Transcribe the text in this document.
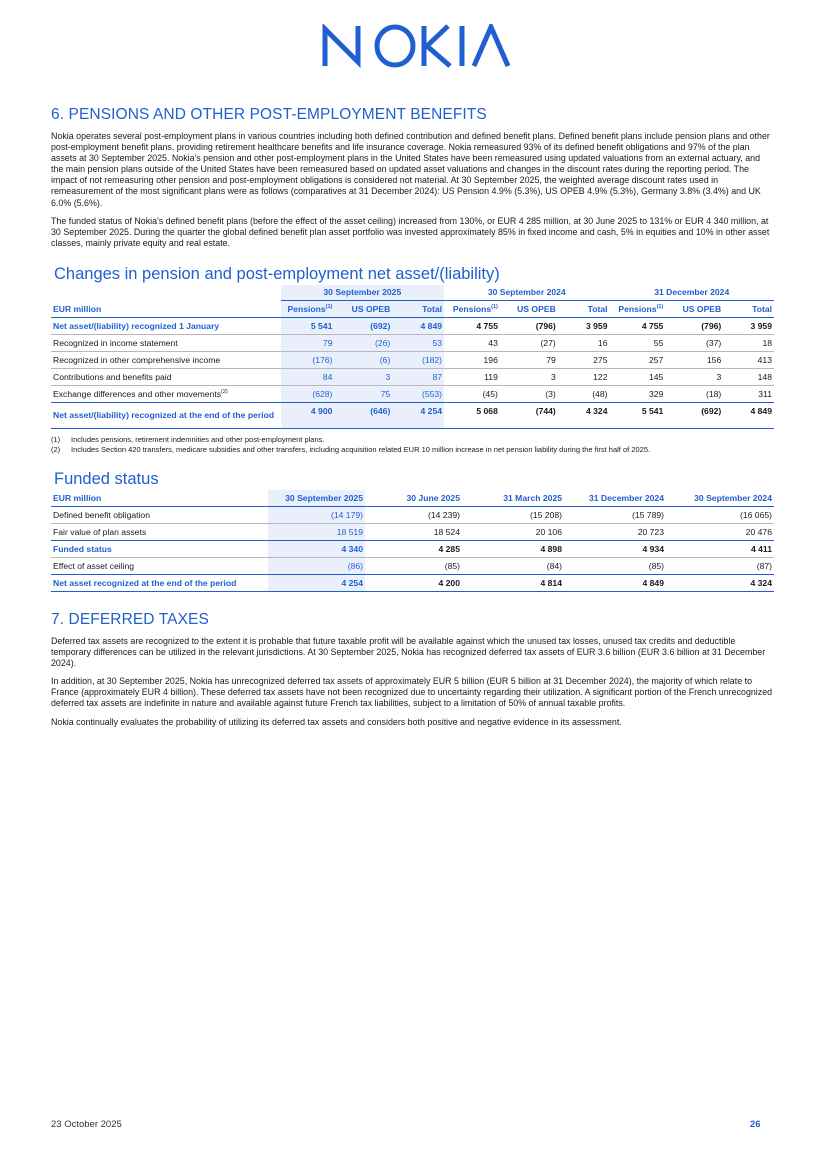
6. PENSIONS AND OTHER POST-EMPLOYMENT BENEFITS

Nokia operates several post-employment plans in various countries including both defined contribution and defined benefit plans. Defined benefit plans include pension plans and other post-employment benefit plans, providing retirement healthcare benefits and life insurance coverage. Nokia remeasured 93% of its defined benefit obligations and 97% of the plan assets at 30 September 2025. Nokia's pension and other post-employment plans in the United States have been remeasured using updated valuations from an external actuary, and the main pension plans outside of the United States have been remeasured based on updated asset valuations and changes in the discount rates during the reporting period. The impact of not remeasuring other pension and post-employment obligations is considered not material. At 30 September 2025, the weighted average discount rates used in remeasurement of the most significant plans were as follows (comparatives at 31 December 2024): US Pension 4.9% (5.3%), US OPEB 4.9% (5.3%), Germany 3.8% (3.4%) and UK 6.0% (5.6%).

The funded status of Nokia's defined benefit plans (before the effect of the asset ceiling) increased from 130%, or EUR 4 285 million, at 30 June 2025 to 131% or EUR 4 340 million, at 30 September 2025. During the quarter the global defined benefit plan asset portfolio was invested approximately 85% in fixed income and cash, 5% in equities and 10% in other asset classes, mainly private equity and real estate.

Changes in pension and post-employment net asset/(liability)
	30 September 2025			30 September 2024			31 December 2024		
EUR million	Pensions$^{(1)}$	US OPEB	Total	Pensions$^{(1)}$	US OPEB	Total	Pensions$^{(1)}$	US OPEB	Total
Net asset/(liability) recognized 1 January	5 541	(692)	4 849	4 755	(796)	3 959	4 755	(796)	3 959
Recognized in income statement	79	(26)	53	43	(27)	16	55	(37)	18
Recognized in other comprehensive income	(176)	(6)	(182)	196	79	275	257	156	413
Contributions and benefits paid	84	3	87	119	3	122	145	3	148
Exchange differences and other movements$^{(2)}$	(628)	75	(553)	(45)	(3)	(48)	329	(18)	311
Net asset/(liability) recognized at the end of the period	4 900	(646)	4 254	5 068	(744)	4 324	5 541	(692)	4 849
(1)	Includes pensions, retirement indemnities and other post-employment plans.
(2)	Includes Section 420 transfers, medicare subsidies and other transfers, including acquisition related EUR 10 million increase in net pension liability during the first half of 2025.
Funded status
EUR million	30 September 2025	30 June 2025	31 March 2025	31 December 2024	30 September 2024
Defined benefit obligation	(14 179)	(14 239)	(15 208)	(15 789)	(16 065)
Fair value of plan assets	18 519	18 524	20 106	20 723	20 476
Funded status	4 340	4 285	4 898	4 934	4 411
Effect of asset ceiling	(86)	(85)	(84)	(85)	(87)
Net asset recognized at the end of the period	4 254	4 200	4 814	4 849	4 324
7. DEFERRED TAXES

Deferred tax assets are recognized to the extent it is probable that future taxable profit will be available against which the unused tax losses, unused tax credits and deductible temporary differences can be utilized in the relevant jurisdictions. At 30 September 2025, Nokia has recognized deferred tax assets of EUR 3.6 billion (EUR 3.6 billion at 31 December 2024).

In addition, at 30 September 2025, Nokia has unrecognized deferred tax assets of approximately EUR 5 billion (EUR 5 billion at 31 December 2024), the majority of which relate to France (approximately EUR 4 billion). These deferred tax assets have not been recognized due to uncertainty regarding their utilization. A significant portion of the French unrecognized deferred tax assets are indefinite in nature and available against future French tax liabilities, subject to a limitation of 50% of annual taxable profits.

Nokia continually evaluates the probability of utilizing its deferred tax assets and considers both positive and negative evidence in its assessment.

23 October 2025	26
